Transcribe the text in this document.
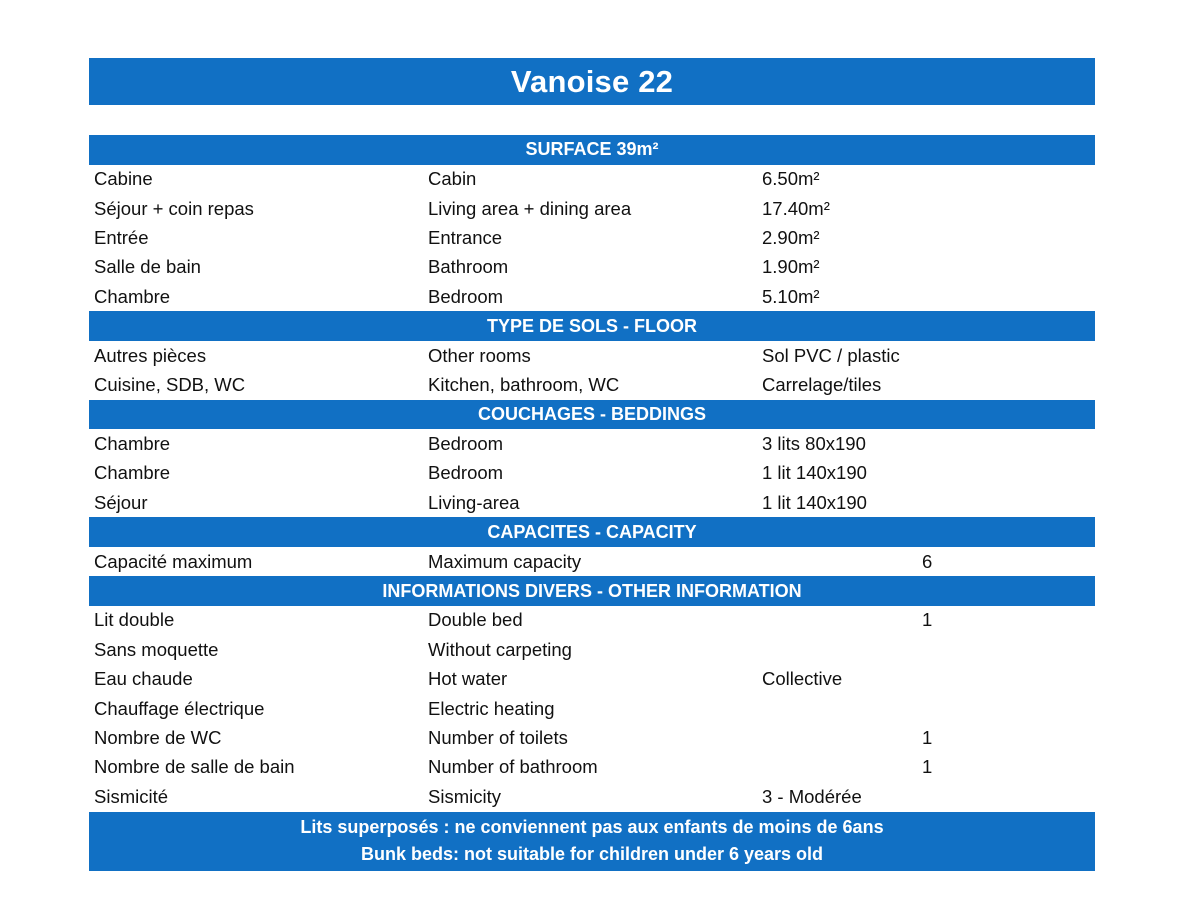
Vanoise 22
SURFACE 39m²
Cabine	Cabin	6.50m²
Séjour + coin repas	Living area + dining area	17.40m²
Entrée	Entrance	2.90m²
Salle de bain	Bathroom	1.90m²
Chambre	Bedroom	5.10m²
TYPE DE SOLS - FLOOR
Autres pièces	Other rooms	Sol PVC / plastic
Cuisine, SDB, WC	Kitchen, bathroom, WC	Carrelage/tiles
COUCHAGES - BEDDINGS
Chambre	Bedroom	3 lits 80x190
Chambre	Bedroom	1 lit 140x190
Séjour	Living-area	1 lit 140x190
CAPACITES - CAPACITY
Capacité maximum	Maximum capacity	6
INFORMATIONS DIVERS - OTHER INFORMATION
Lit double	Double bed	1
Sans moquette	Without carpeting
Eau chaude	Hot water	Collective
Chauffage électrique	Electric heating
Nombre de WC	Number of toilets	1
Nombre de salle de bain	Number of bathroom	1
Sismicité	Sismicity	3 - Modérée
Lits superposés : ne conviennent pas aux enfants de moins de 6ans
Bunk beds: not suitable for children under 6 years old
